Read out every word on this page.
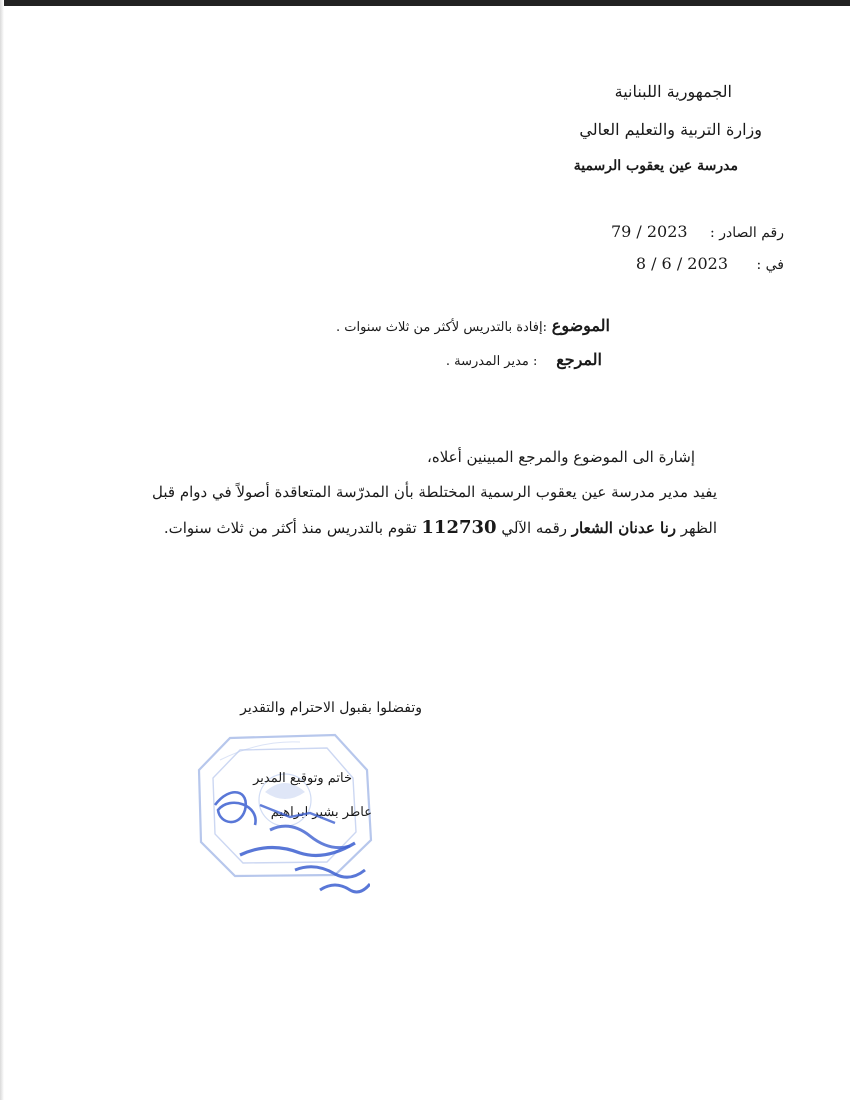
الجمهورية اللبنانية
وزارة التربية والتعليم العالي
مدرسة عين يعقوب الرسمية
رقم الصادر : 79 / 2023
في : 8 / 6 / 2023
الموضوع :إفادة بالتدريس لأكثر من ثلاث سنوات .
المرجع : مدير المدرسة .
إشارة الى الموضوع والمرجع المبينين أعلاه،
يفيد مدير مدرسة عين يعقوب الرسمية المختلطة بأن المدرّسة المتعاقدة أصولاً في دوام قبل الظهر رنا عدنان الشعار رقمه الآلي 112730 تقوم بالتدريس منذ أكثر من ثلاث سنوات.
وتفضلوا بقبول الاحترام والتقدير
خاتم وتوقيع المدير
عاطر بشير ابراهيم
